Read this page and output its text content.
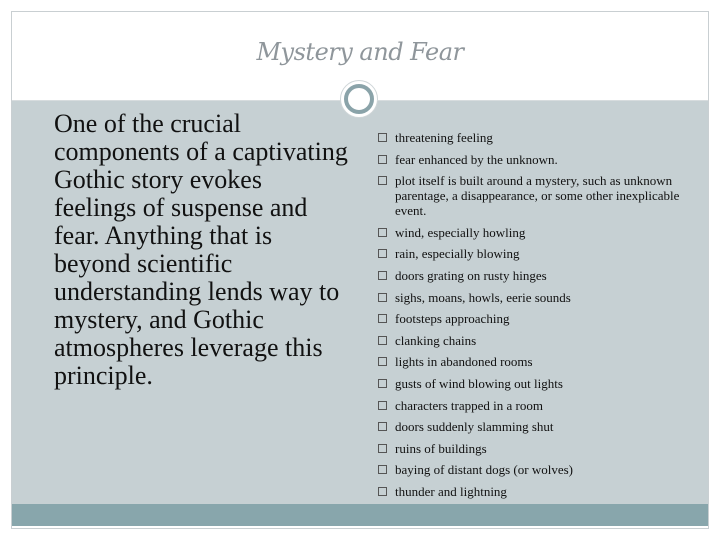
Mystery and Fear
One of the crucial components of a captivating Gothic story evokes feelings of suspense and fear. Anything that is beyond scientific understanding lends way to mystery, and Gothic atmospheres leverage this principle.
threatening feeling
fear enhanced by the unknown.
plot itself is built around a mystery, such as unknown parentage, a disappearance, or some other inexplicable event.
wind, especially howling
rain, especially blowing
doors grating on rusty hinges
sighs, moans, howls, eerie sounds
footsteps approaching
clanking chains
lights in abandoned rooms
gusts of wind blowing out lights
characters trapped in a room
doors suddenly slamming shut
ruins of buildings
baying of distant dogs (or wolves)
thunder and lightning
